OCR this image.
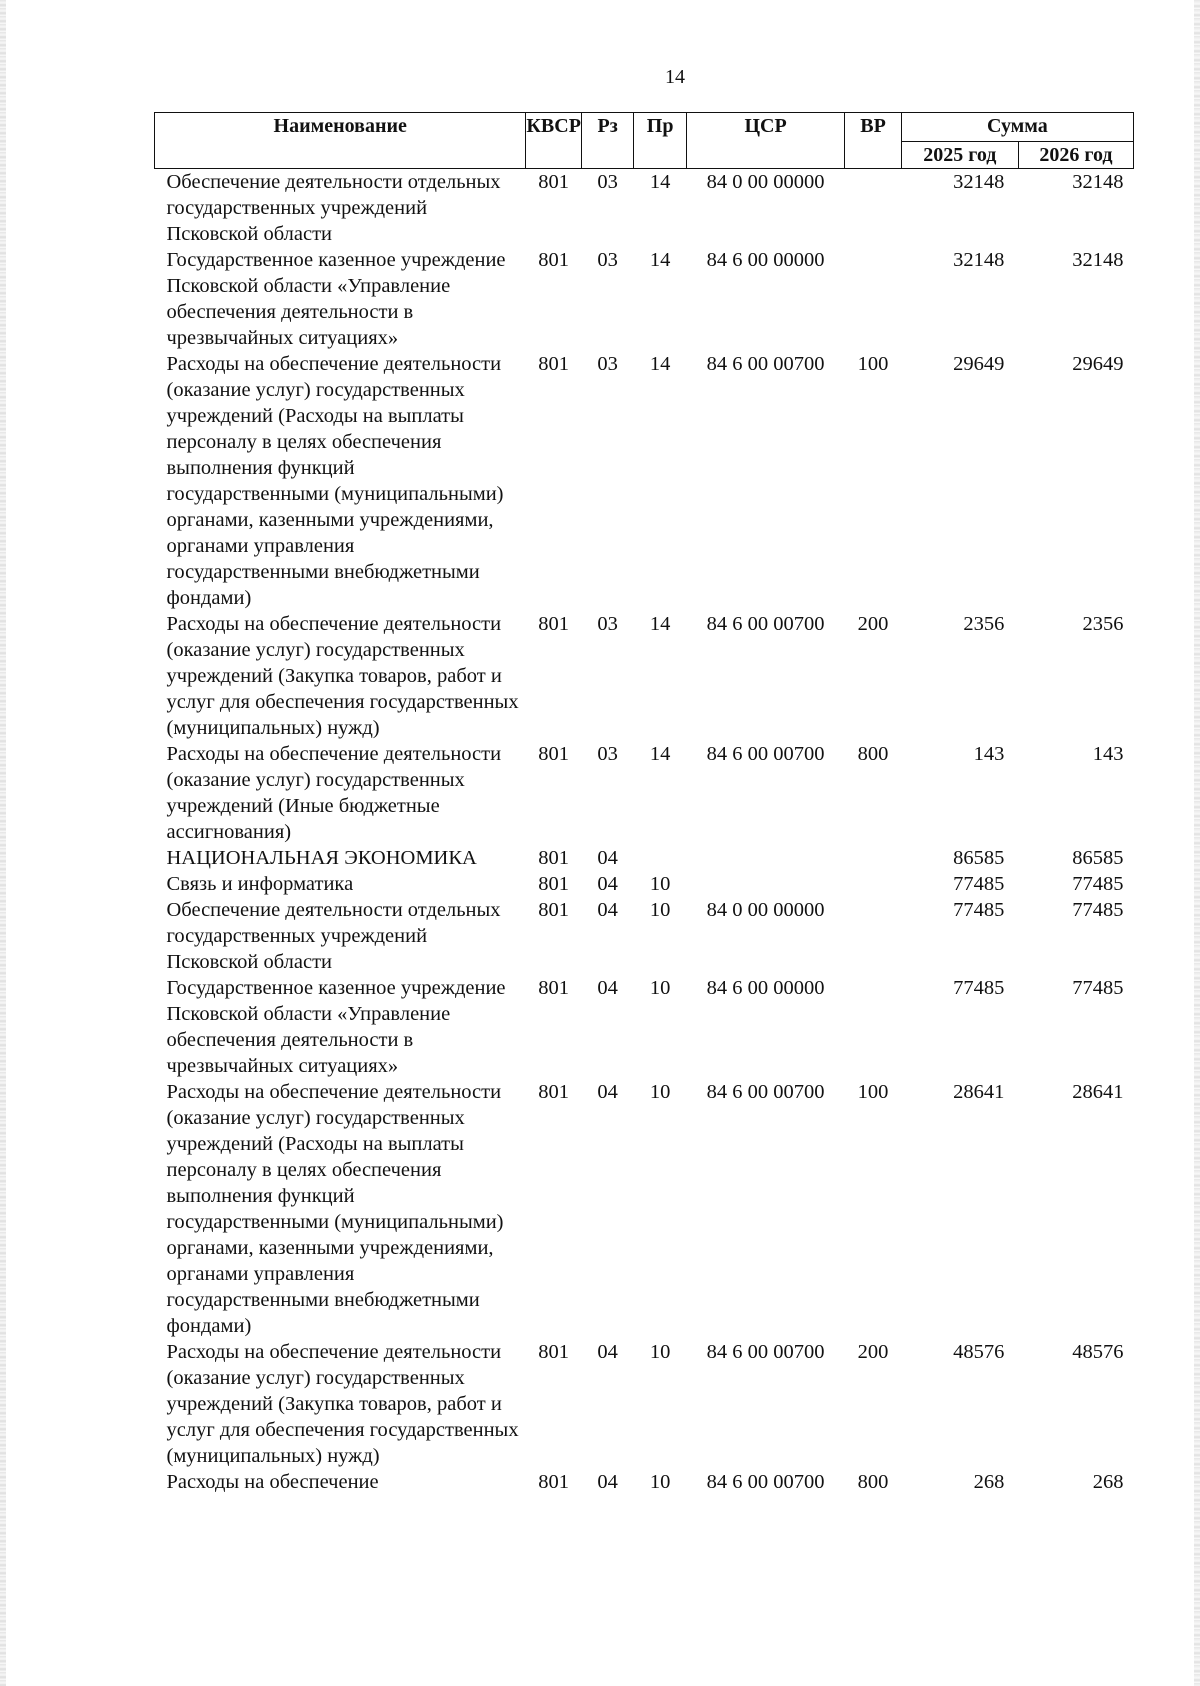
14
Наименование	КВСР	Рз	Пр	ЦСР	ВР	Сумма	
						2025 год	2026 год
Обеспечение деятельности отдельных государственных учреждений Псковской области	801	03	14	84 0 00 00000		32148	32148
Государственное казенное учреждение Псковской области «Управление обеспечения деятельности в чрезвычайных ситуациях»	801	03	14	84 6 00 00000		32148	32148
Расходы на обеспечение деятельности (оказание услуг) государственных учреждений (Расходы на выплаты персоналу в целях обеспечения выполнения функций государственными (муниципальными) органами, казенными учреждениями, органами управления государственными внебюджетными фондами)	801	03	14	84 6 00 00700	100	29649	29649
Расходы на обеспечение деятельности (оказание услуг) государственных учреждений (Закупка товаров, работ и услуг для обеспечения государственных (муниципальных) нужд)	801	03	14	84 6 00 00700	200	2356	2356
Расходы на обеспечение деятельности (оказание услуг) государственных учреждений (Иные бюджетные ассигнования)	801	03	14	84 6 00 00700	800	143	143
НАЦИОНАЛЬНАЯ ЭКОНОМИКА	801	04				86585	86585
Связь и информатика	801	04	10			77485	77485
Обеспечение деятельности отдельных государственных учреждений Псковской области	801	04	10	84 0 00 00000		77485	77485
Государственное казенное учреждение Псковской области «Управление обеспечения деятельности в чрезвычайных ситуациях»	801	04	10	84 6 00 00000		77485	77485
Расходы на обеспечение деятельности (оказание услуг) государственных учреждений (Расходы на выплаты персоналу в целях обеспечения выполнения функций государственными (муниципальными) органами, казенными учреждениями, органами управления государственными внебюджетными фондами)	801	04	10	84 6 00 00700	100	28641	28641
Расходы на обеспечение деятельности (оказание услуг) государственных учреждений (Закупка товаров, работ и услуг для обеспечения государственных (муниципальных) нужд)	801	04	10	84 6 00 00700	200	48576	48576
Расходы на обеспечение	801	04	10	84 6 00 00700	800	268	268
